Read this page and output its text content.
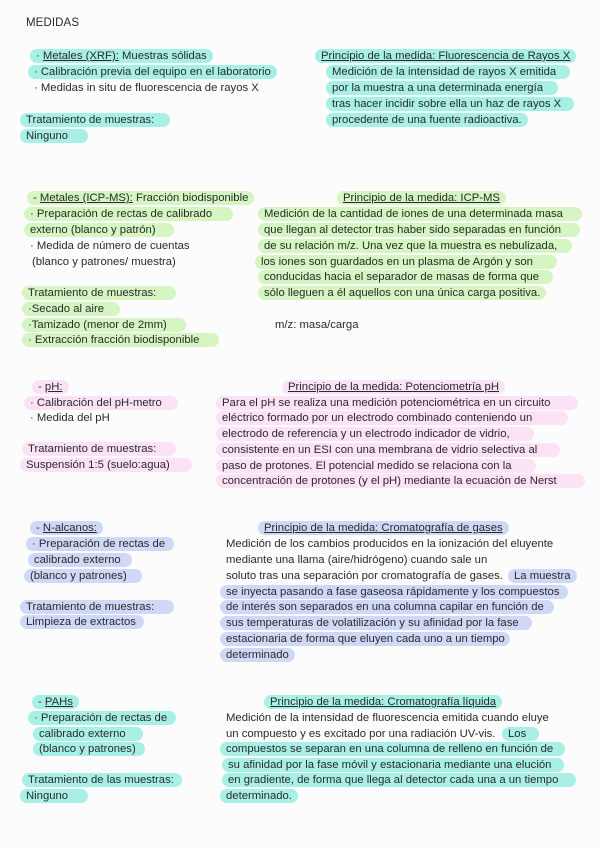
MEDIDAS
· Metales (XRF): Muestras sólidas
· Calibración previa del equipo en el laboratorio
· Medidas in situ de fluorescencia de rayos X
Tratamiento de muestras:
Ninguno
Principio de la medida: Fluorescencia de Rayos X
Medición de la intensidad de rayos X emitida
por la muestra a una determinada energía
tras hacer incidir sobre ella un haz de rayos X
procedente de una fuente radioactiva.
- Metales (ICP-MS): Fracción biodisponible
· Preparación de rectas de calibrado
externo (blanco y patrón)
· Medida de número de cuentas
(blanco y patrones/ muestra)
Tratamiento de muestras:
·Secado al aire
·Tamizado (menor de 2mm)
· Extracción fracción biodisponible
Principio de la medida: ICP-MS
Medición de la cantidad de iones de una determinada masa
que llegan al detector tras haber sido separadas en función
de su relación m/z. Una vez que la muestra es nebulizada,
los iones son guardados en un plasma de Argón y son
conducidas hacia el separador de masas de forma que
sólo lleguen a él aquellos con una única carga positiva.
m/z: masa/carga
- pH:
· Calibración del pH-metro
· Medida del pH
Tratamiento de muestras:
Suspensión 1:5 (suelo:agua)
Principio de la medida: Potenciometría pH
Para el pH se realiza una medición potenciométrica en un circuito
eléctrico formado por un electrodo combinado conteniendo un
electrodo de referencia y un electrodo indicador de vidrio,
consistente en un ESI con una membrana de vidrio selectiva al
paso de protones. El potencial medido se relaciona con la
concentración de protones (y el pH) mediante la ecuación de Nerst
- N-alcanos:
· Preparación de rectas de
calibrado externo
(blanco y patrones)
Tratamiento de muestras:
Limpieza de extractos
Principio de la medida: Cromatografía de gases
Medición de los cambios producidos en la ionización del eluyente
mediante una llama (aire/hidrógeno) cuando sale un
soluto tras una separación por cromatografía de gases. La muestra
se inyecta pasando a fase gaseosa rápidamente y los compuestos
de interés son separados en una columna capilar en función de
sus temperaturas de volatilización y su afinidad por la fase
estacionaria de forma que eluyen cada uno a un tiempo
determinado
- PAHs
· Preparación de rectas de
calibrado externo
(blanco y patrones)
Tratamiento de las muestras:
Ninguno
Principio de la medida: Cromatografía líquida
Medición de la intensidad de fluorescencia emitida cuando eluye
un compuesto y es excitado por una radiación UV-vis.	Los
compuestos se separan en una columna de relleno en función de
su afinidad por la fase móvil y estacionaria mediante una elución
en gradiente, de forma que llega al detector cada una a un tiempo
determinado.
